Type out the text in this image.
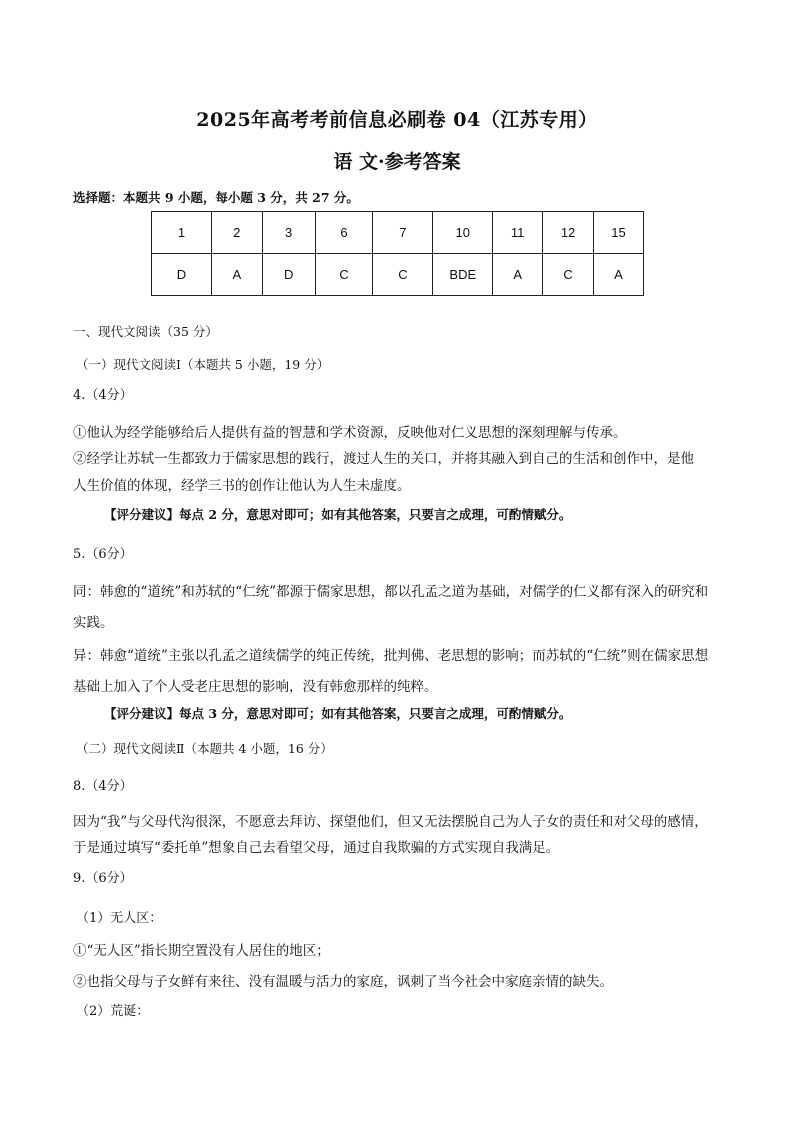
2025年高考考前信息必刷卷 04（江苏专用）
语 文·参考答案
选择题：本题共 9 小题，每小题 3 分，共 27 分。
1	2	3	6	7	10	11	12	15
D	A	D	C	C	BDE	A	C	A
一、现代文阅读（35 分）
（一）现代文阅读Ⅰ（本题共 5 小题，19 分）
4.（4分）
①他认为经学能够给后人提供有益的智慧和学术资源，反映他对仁义思想的深刻理解与传承。
②经学让苏轼一生都致力于儒家思想的践行，渡过人生的关口，并将其融入到自己的生活和创作中，是他
人生价值的体现，经学三书的创作让他认为人生未虚度。
【评分建议】每点 2 分，意思对即可；如有其他答案，只要言之成理，可酌情赋分。
5.（6分）
同：韩愈的“道统”和苏轼的“仁统”都源于儒家思想，都以孔孟之道为基础，对儒学的仁义都有深入的研究和
实践。
异：韩愈“道统”主张以孔孟之道续儒学的纯正传统，批判佛、老思想的影响；而苏轼的“仁统”则在儒家思想
基础上加入了个人受老庄思想的影响，没有韩愈那样的纯粹。
【评分建议】每点 3 分，意思对即可；如有其他答案，只要言之成理，可酌情赋分。
（二）现代文阅读Ⅱ（本题共 4 小题，16 分）
8.（4分）
因为“我”与父母代沟很深，不愿意去拜访、探望他们，但又无法摆脱自己为人子女的责任和对父母的感情，
于是通过填写“委托单”想象自己去看望父母，通过自我欺骗的方式实现自我满足。
9.（6分）
（1）无人区：
①“无人区”指长期空置没有人居住的地区；
②也指父母与子女鲜有来往、没有温暖与活力的家庭，讽刺了当今社会中家庭亲情的缺失。
（2）荒诞：
